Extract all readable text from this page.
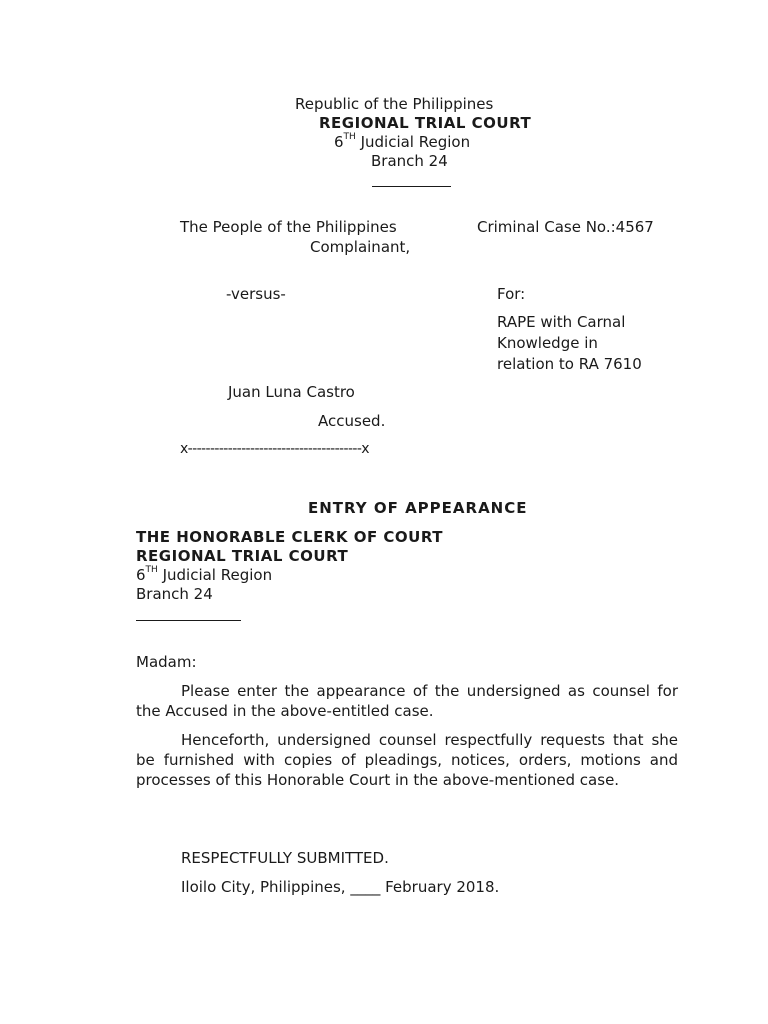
Republic of the Philippines
REGIONAL TRIAL COURT
6TH Judicial Region
Branch 24
The People of the Philippines
Complainant,
Criminal Case No.:4567
-versus-	For:
RAPE with Carnal
Knowledge in
relation to RA 7610
Juan Luna Castro
Accused.
x---------------------------------------x
ENTRY OF APPEARANCE
THE HONORABLE CLERK OF COURT
REGIONAL TRIAL COURT
6TH Judicial Region
Branch 24
Madam:
Please enter the appearance of the undersigned as counsel for the Accused in the above-entitled case.
Henceforth, undersigned counsel respectfully requests that she be furnished with copies of pleadings, notices, orders, motions and processes of this Honorable Court in the above-mentioned case.
RESPECTFULLY SUBMITTED.
Iloilo City, Philippines, ____ February 2018.
